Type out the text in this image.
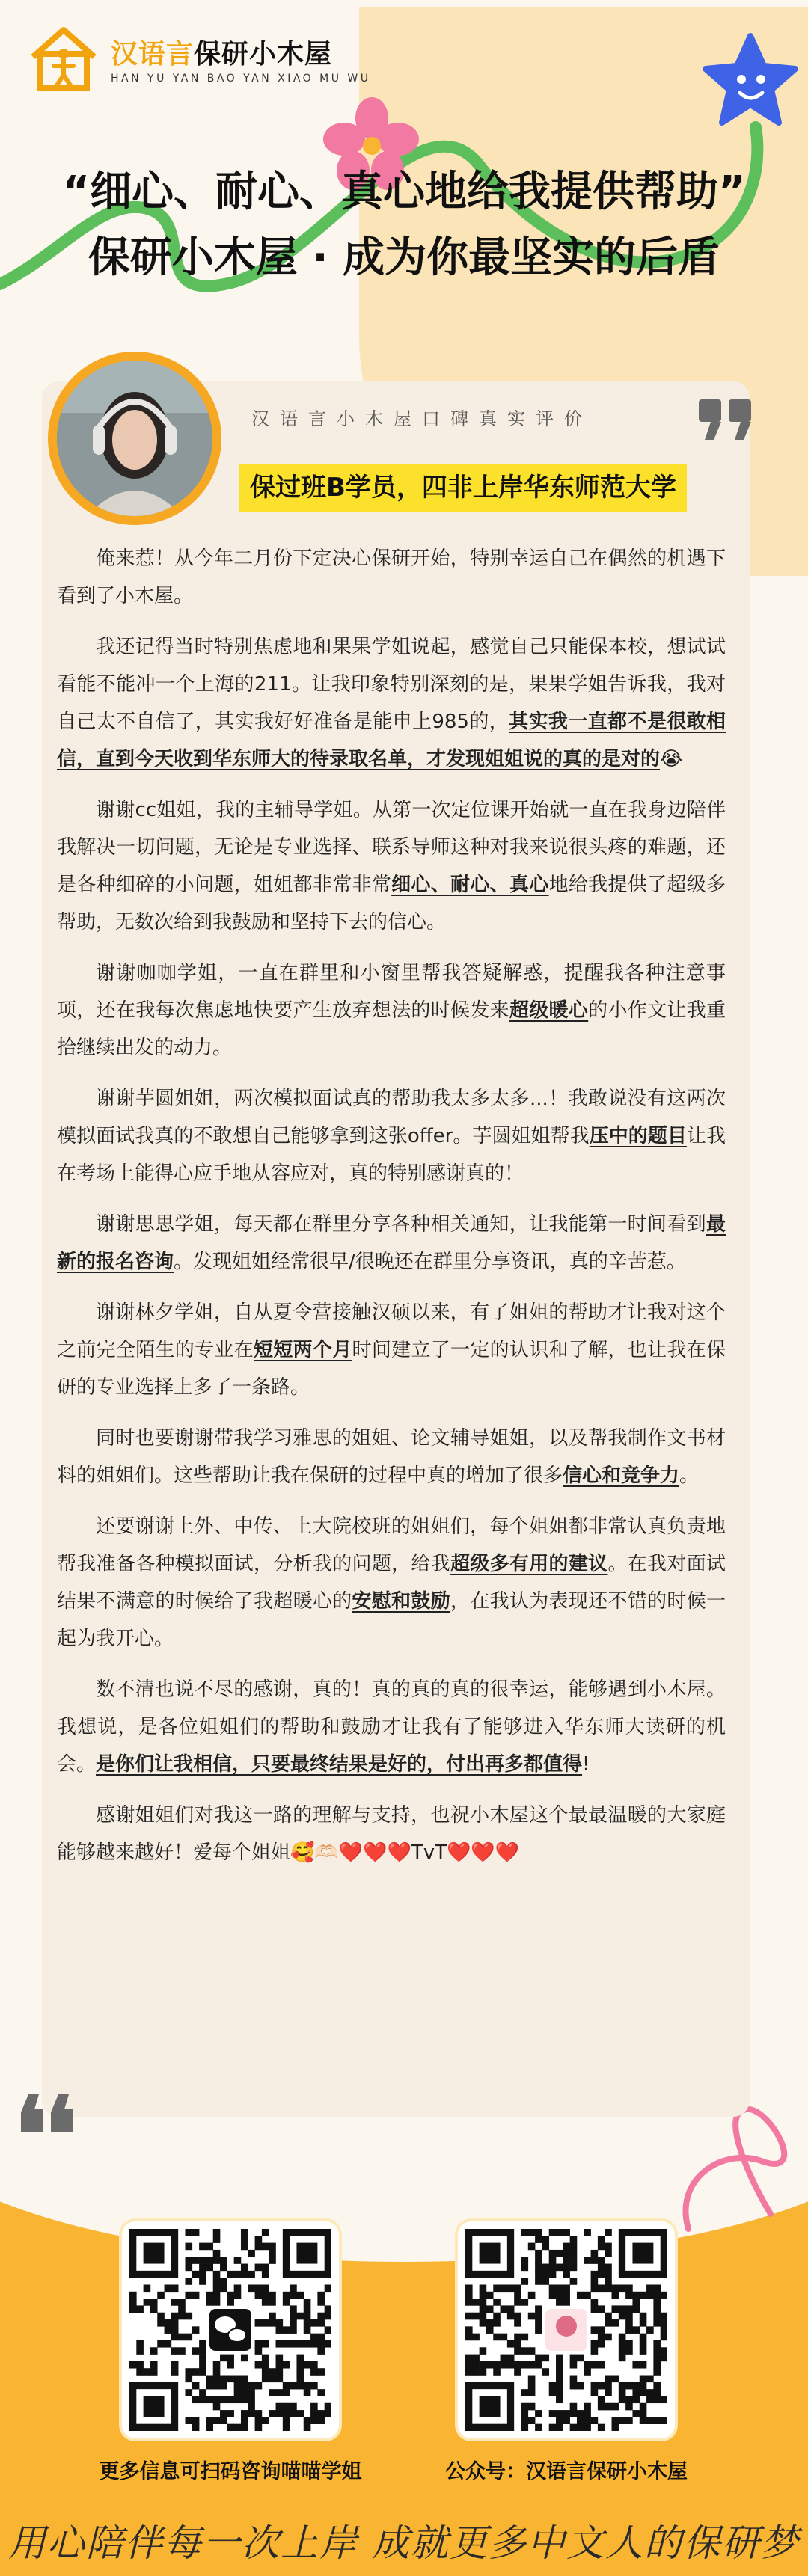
汉语言保研小木屋
HAN YU YAN BAO YAN XIAO MU WU
“细心、耐心、真心地给我提供帮助”
保研小木屋 · 成为你最坚实的后盾
汉语言小木屋口碑真实评价
保过班B学员，四非上岸华东师范大学

俺来惹！从今年二月份下定决心保研开始，特别幸运自己在偶然的机遇下看到了小木屋。

我还记得当时特别焦虑地和果果学姐说起，感觉自己只能保本校，想试试看能不能冲一个上海的211。让我印象特别深刻的是，果果学姐告诉我，我对自己太不自信了，其实我好好准备是能申上985的，其实我一直都不是很敢相信，直到今天收到华东师大的待录取名单，才发现姐姐说的真的是对的😭

谢谢cc姐姐，我的主辅导学姐。从第一次定位课开始就一直在我身边陪伴我解决一切问题，无论是专业选择、联系导师这种对我来说很头疼的难题，还是各种细碎的小问题，姐姐都非常非常细心、耐心、真心地给我提供了超级多帮助，无数次给到我鼓励和坚持下去的信心。

谢谢咖咖学姐，一直在群里和小窗里帮我答疑解惑，提醒我各种注意事项，还在我每次焦虑地快要产生放弃想法的时候发来超级暖心的小作文让我重拾继续出发的动力。

谢谢芋圆姐姐，两次模拟面试真的帮助我太多太多...！我敢说没有这两次模拟面试我真的不敢想自己能够拿到这张offer。芋圆姐姐帮我压中的题目让我在考场上能得心应手地从容应对，真的特别感谢真的！

谢谢思思学姐，每天都在群里分享各种相关通知，让我能第一时间看到最新的报名咨询。发现姐姐经常很早/很晚还在群里分享资讯，真的辛苦惹。

谢谢林夕学姐，自从夏令营接触汉硕以来，有了姐姐的帮助才让我对这个之前完全陌生的专业在短短两个月时间建立了一定的认识和了解，也让我在保研的专业选择上多了一条路。

同时也要谢谢带我学习雅思的姐姐、论文辅导姐姐，以及帮我制作文书材料的姐姐们。这些帮助让我在保研的过程中真的增加了很多信心和竞争力。

还要谢谢上外、中传、上大院校班的姐姐们，每个姐姐都非常认真负责地帮我准备各种模拟面试，分析我的问题，给我超级多有用的建议。在我对面试结果不满意的时候给了我超暖心的安慰和鼓励，在我认为表现还不错的时候一起为我开心。

数不清也说不尽的感谢，真的！真的真的真的很幸运，能够遇到小木屋。我想说，是各位姐姐们的帮助和鼓励才让我有了能够进入华东师大读研的机会。是你们让我相信，只要最终结果是好的，付出再多都值得!

感谢姐姐们对我这一路的理解与支持，也祝小木屋这个最最温暖的大家庭能够越来越好！爱每个姐姐🥰🫶🏻❤️❤️❤️TvT❤️❤️❤️

更多信息可扫码咨询喵喵学姐	公众号：汉语言保研小木屋
用心陪伴每一次上岸 成就更多中文人的保研梦
